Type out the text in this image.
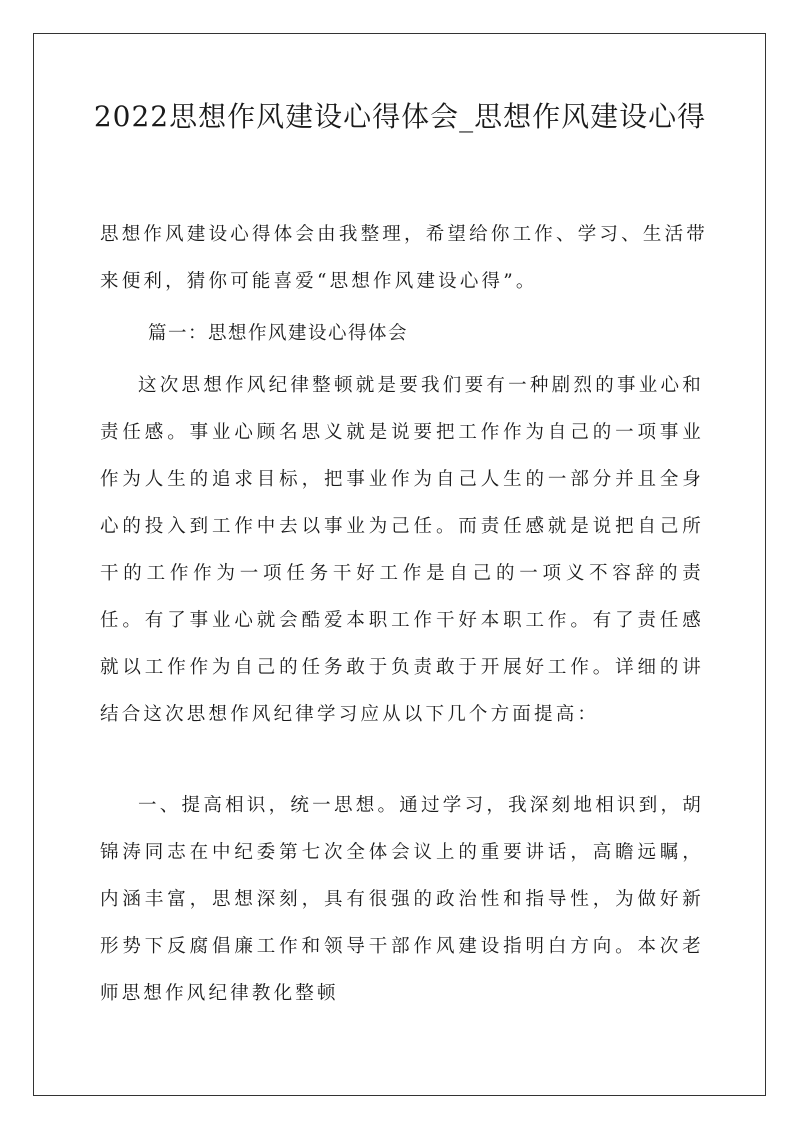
2022思想作风建设心得体会_思想作风建设心得

思想作风建设心得体会由我整理，希望给你工作、学习、生活带来便利，猜你可能喜爱“思想作风建设心得”。

篇一：思想作风建设心得体会

这次思想作风纪律整顿就是要我们要有一种剧烈的事业心和责任感。事业心顾名思义就是说要把工作作为自己的一项事业作为人生的追求目标，把事业作为自己人生的一部分并且全身心的投入到工作中去以事业为己任。而责任感就是说把自己所干的工作作为一项任务干好工作是自己的一项义不容辞的责任。有了事业心就会酷爱本职工作干好本职工作。有了责任感就以工作作为自己的任务敢于负责敢于开展好工作。详细的讲结合这次思想作风纪律学习应从以下几个方面提高：

一、提高相识，统一思想。通过学习，我深刻地相识到，胡锦涛同志在中纪委第七次全体会议上的重要讲话，高瞻远瞩，内涵丰富，思想深刻，具有很强的政治性和指导性，为做好新形势下反腐倡廉工作和领导干部作风建设指明白方向。本次老师思想作风纪律教化整顿
